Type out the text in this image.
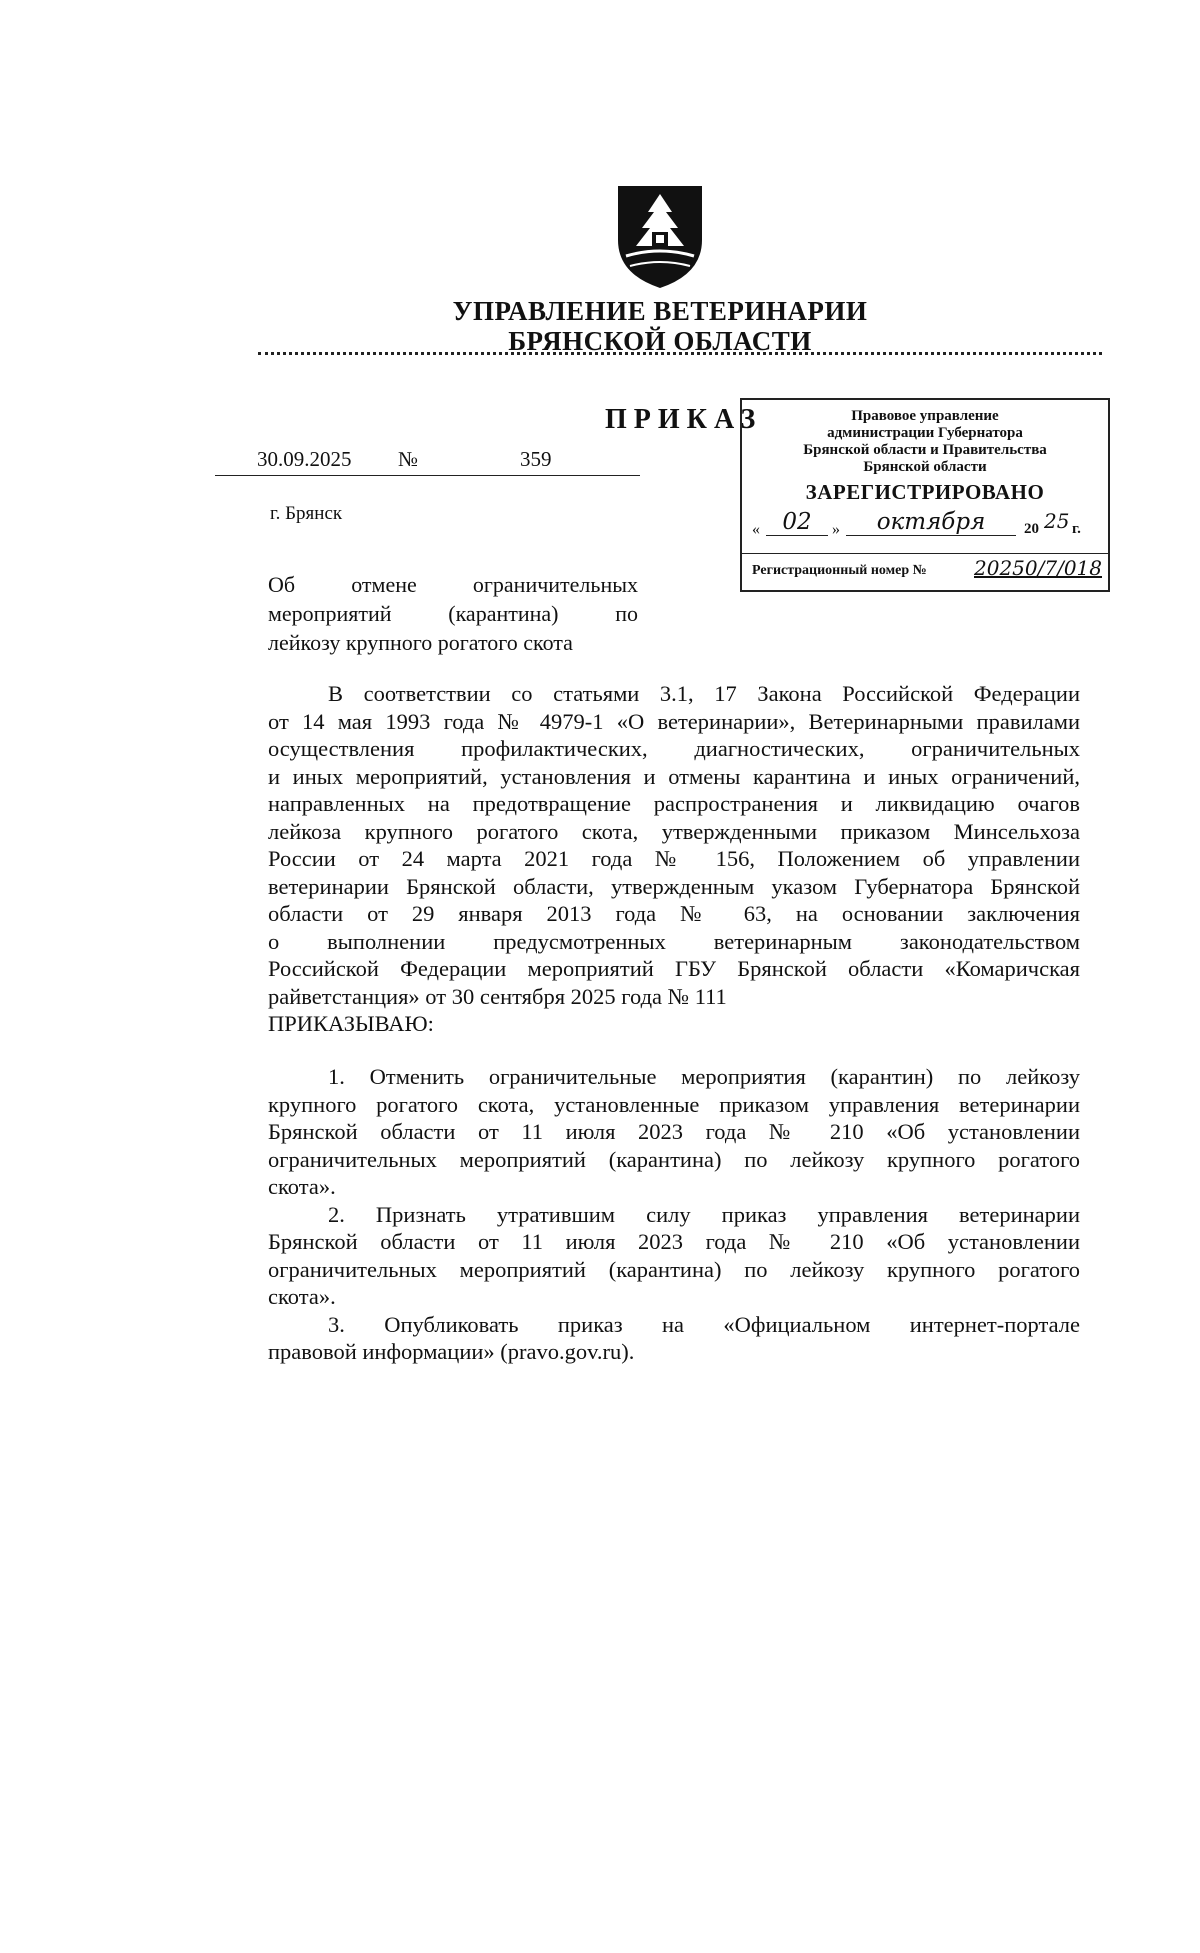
УПРАВЛЕНИЕ ВЕТЕРИНАРИИ
БРЯНСКОЙ ОБЛАСТИ
ПРИКАЗ
30.09.2025 №	359
г. Брянск
Об отмене ограничительных
мероприятий (карантина) по
лейкозу крупного рогатого скота
Правовое управление
администрации Губернатора
Брянской области и Правительства
Брянской области
ЗАРЕГИСТРИРОВАНО
« 02	»	октября	20 25 г.
Регистрационный номер № 20250/7/018
В соответствии со статьями 3.1, 17 Закона Российской Федерации
от 14 мая 1993 года № 4979-1 «О ветеринарии», Ветеринарными правилами
осуществления профилактических, диагностических, ограничительных
и иных мероприятий, установления и отмены карантина и иных ограничений,
направленных на предотвращение распространения и ликвидацию очагов
лейкоза крупного рогатого скота, утвержденными приказом Минсельхоза
России от 24 марта 2021 года № 156, Положением об управлении
ветеринарии Брянской области, утвержденным указом Губернатора Брянской
области от 29 января 2013 года № 63, на основании заключения
о выполнении предусмотренных ветеринарным законодательством
Российской Федерации мероприятий ГБУ Брянской области «Комаричская
райветстанция» от 30 сентября 2025 года № 111
ПРИКАЗЫВАЮ:
1. Отменить ограничительные мероприятия (карантин) по лейкозу
крупного рогатого скота, установленные приказом управления ветеринарии
Брянской области от 11 июля 2023 года № 210 «Об установлении
ограничительных мероприятий (карантина) по лейкозу крупного рогатого
скота».
2. Признать утратившим силу приказ управления ветеринарии
Брянской области от 11 июля 2023 года № 210 «Об установлении
ограничительных мероприятий (карантина) по лейкозу крупного рогатого
скота».
3. Опубликовать приказ на «Официальном интернет-портале
правовой информации» (pravo.gov.ru).
